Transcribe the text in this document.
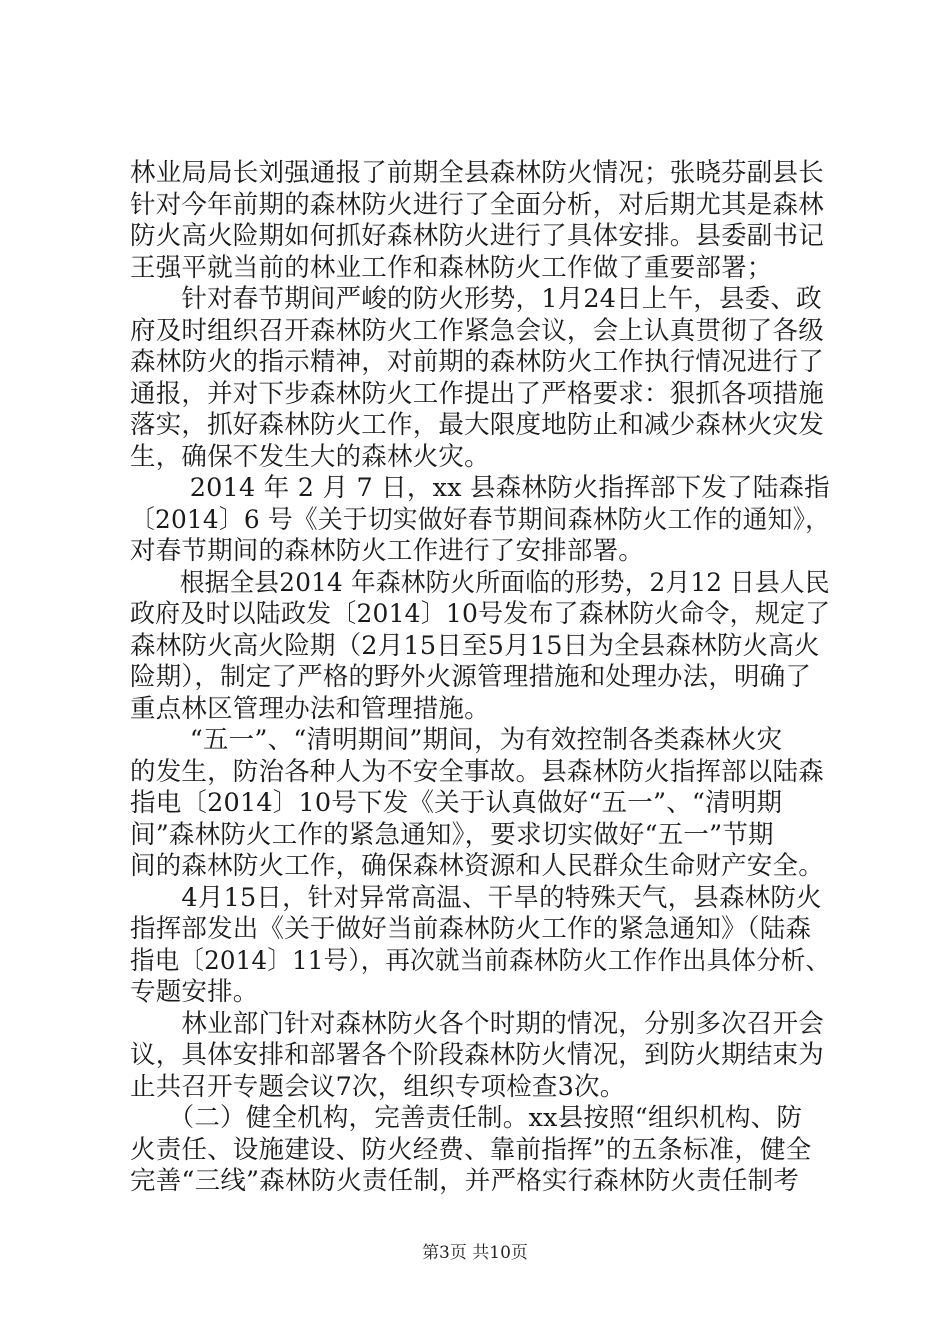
林业局局长刘强通报了前期全县森林防火情况；张晓芬副县长
针对今年前期的森林防火进行了全面分析，对后期尤其是森林
防火高火险期如何抓好森林防火进行了具体安排。县委副书记
王强平就当前的林业工作和森林防火工作做了重要部署；
　　针对春节期间严峻的防火形势，1月24日上午，县委、政
府及时组织召开森林防火工作紧急会议，会上认真贯彻了各级
森林防火的指示精神，对前期的森林防火工作执行情况进行了
通报，并对下步森林防火工作提出了严格要求：狠抓各项措施
落实，抓好森林防火工作，最大限度地防止和减少森林火灾发
生，确保不发生大的森林火灾。
　　 2014 年 2 月 7 日，xx 县森林防火指挥部下发了陆森指
〔2014〕6 号《关于切实做好春节期间森林防火工作的通知》，

对春节期间的森林防火工作进行了安排部署。
　　根据全县2014 年森林防火所面临的形势，2月12 日县人民
政府及时以陆政发〔2014〕10号发布了森林防火命令，规定了

森林防火高火险期（2月15日至5月15日为全县森林防火高火
险期），制定了严格的野外火源管理措施和处理办法，明确了
重点林区管理办法和管理措施。
　　 “五一”、“清明期间”期间，为有效控制各类森林火灾
的发生，防治各种人为不安全事故。县森林防火指挥部以陆森
指电〔2014〕10号下发《关于认真做好“五一”、“清明期
间”森林防火工作的紧急通知》，要求切实做好“五一”节期
间的森林防火工作，确保森林资源和人民群众生命财产安全。
　　4月15日，针对异常高温、干旱的特殊天气，县森林防火
指挥部发出《关于做好当前森林防火工作的紧急通知》（陆森
指电〔2014〕11号），再次就当前森林防火工作作出具体分析、

专题安排。
　　林业部门针对森林防火各个时期的情况，分别多次召开会
议，具体安排和部署各个阶段森林防火情况，到防火期结束为
止共召开专题会议7次，组织专项检查3次。
　　（二）健全机构，完善责任制。xx县按照“组织机构、防
火责任、设施建设、防火经费、靠前指挥”的五条标准，健全
完善“三线”森林防火责任制，并严格实行森林防火责任制考
第3页 共10页
